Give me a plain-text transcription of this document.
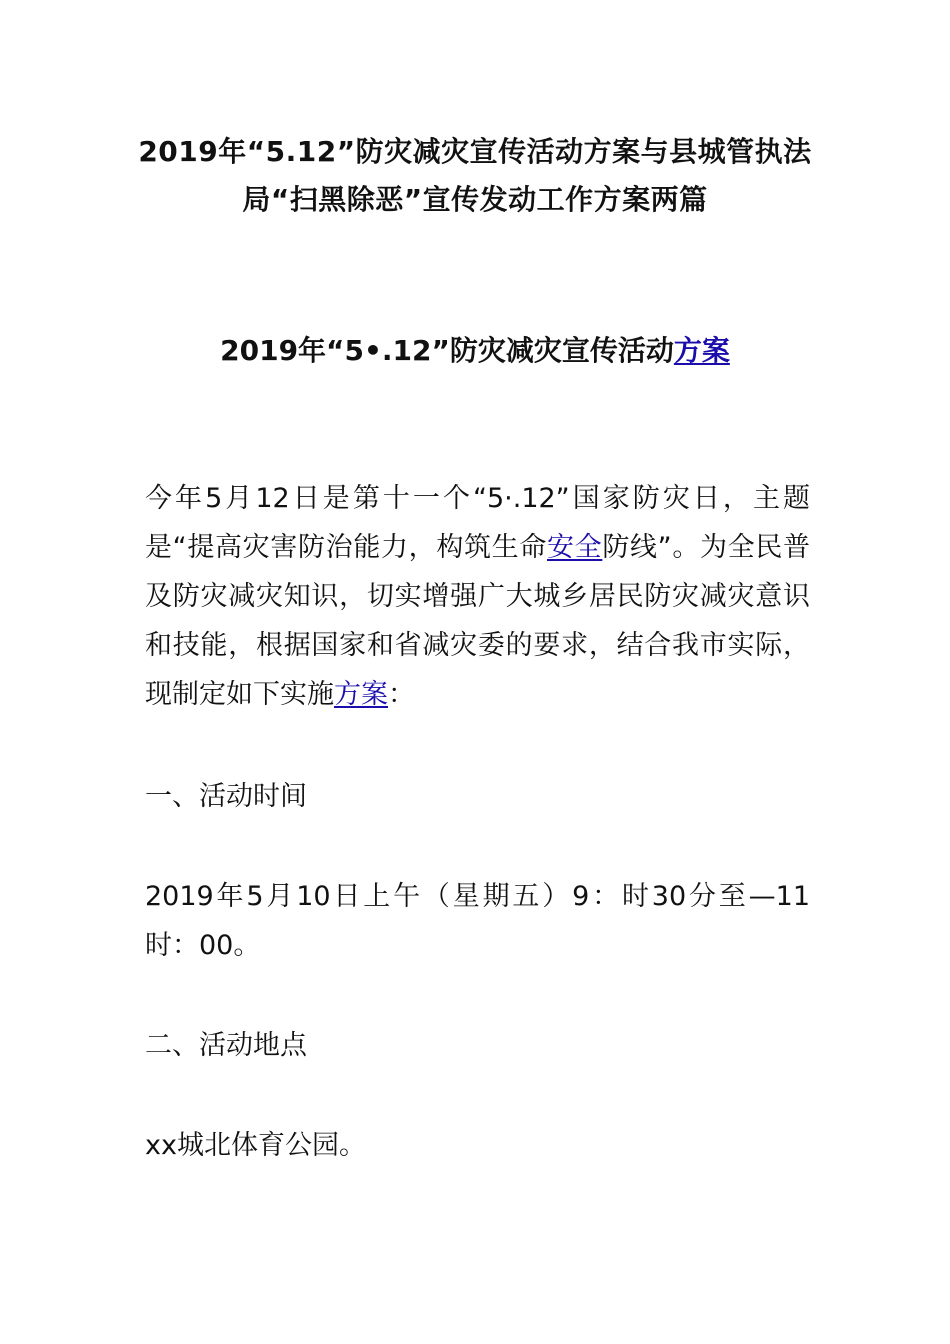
2019年“5.12”防灾减灾宣传活动方案与县城管执法局“扫黑除恶”宣传发动工作方案两篇
2019年“5•.12”防灾减灾宣传活动方案
今年5月12日是第十一个“5·.12”国家防灾日，主题是“提高灾害防治能力，构筑生命安全防线”。为全民普及防灾减灾知识，切实增强广大城乡居民防灾减灾意识和技能，根据国家和省减灾委的要求，结合我市实际，现制定如下实施方案：
一、活动时间
2019年5月10日上午（星期五）9：时30分至—11时：00。
二、活动地点
xx城北体育公园。
